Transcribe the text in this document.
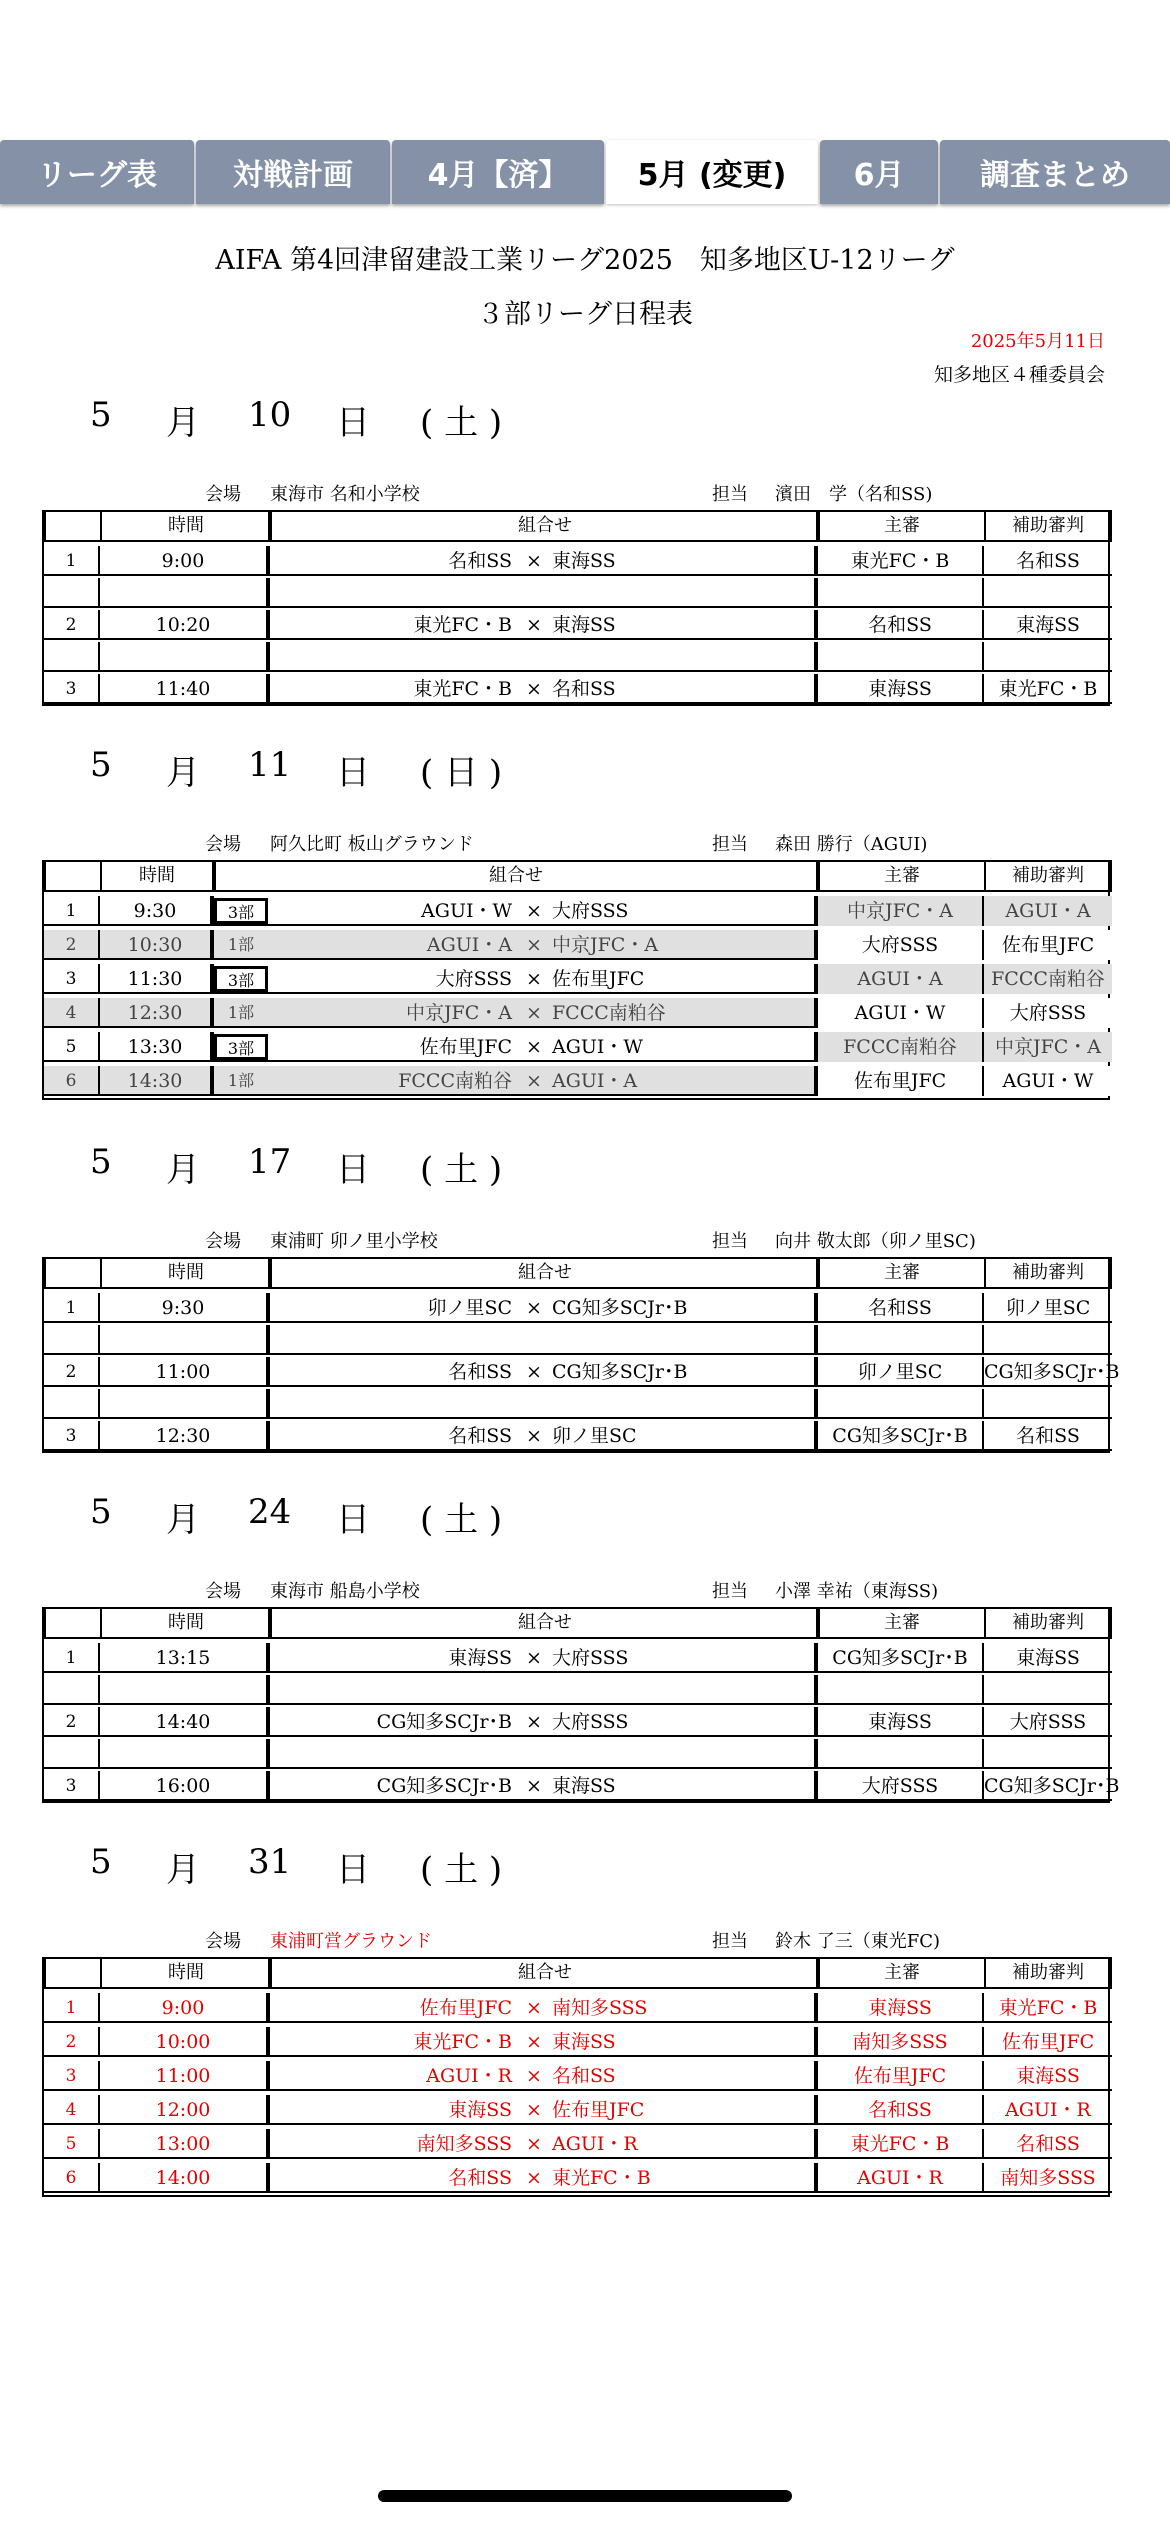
リーグ表	対戦計画	4月【済】	5月 (変更)	6月	調査まとめ
AIFA 第4回津留建設工業リーグ2025　知多地区U-12リーグ
３部リーグ日程表
2025年5月11日
知多地区４種委員会
5 月 10 日 ( 土 )
会場 東海市 名和小学校	担当 濱田　学（名和SS)
時間	組合せ	主審	補助審判
1	9:00	名和SS × 東海SS	東光FC・B	名和SS
2	10:20	東光FC・B × 東海SS	名和SS	東海SS
3	11:40	東光FC・B × 名和SS	東海SS	東光FC・B
5 月 11 日 ( 日 )
会場 阿久比町 板山グラウンド	担当 森田 勝行（AGUI)
時間	組合せ	主審	補助審判
1	9:30	3部	AGUI・W × 大府SSS	中京JFC・A	AGUI・A
2	10:30	1部	AGUI・A × 中京JFC・A	大府SSS	佐布里JFC
3	11:30	3部	大府SSS × 佐布里JFC	AGUI・A	FCCC南粕谷
4	12:30	1部	中京JFC・A × FCCC南粕谷	AGUI・W	大府SSS
5	13:30	3部	佐布里JFC × AGUI・W	FCCC南粕谷	中京JFC・A
6	14:30	1部	FCCC南粕谷 × AGUI・A	佐布里JFC	AGUI・W
5 月 17 日 ( 土 )
会場 東浦町 卯ノ里小学校	担当 向井 敬太郎（卯ノ里SC)
時間	組合せ	主審	補助審判
1	9:30	卯ノ里SC × CG知多SCJr･B	名和SS	卯ノ里SC
2	11:00	名和SS × CG知多SCJr･B	卯ノ里SC	CG知多SCJr･B
3	12:30	名和SS × 卯ノ里SC	CG知多SCJr･B	名和SS
5 月 24 日 ( 土 )
会場 東海市 船島小学校	担当 小澤 幸祐（東海SS)
時間	組合せ	主審	補助審判
1	13:15	東海SS × 大府SSS	CG知多SCJr･B	東海SS
2	14:40	CG知多SCJr･B × 大府SSS	東海SS	大府SSS
3	16:00	CG知多SCJr･B × 東海SS	大府SSS	CG知多SCJr･B
5 月 31 日 ( 土 )
会場 東浦町営グラウンド	担当 鈴木 了三（東光FC)
時間	組合せ	主審	補助審判
1	9:00	佐布里JFC × 南知多SSS	東海SS	東光FC・B
2	10:00	東光FC・B × 東海SS	南知多SSS	佐布里JFC
3	11:00	AGUI・R × 名和SS	佐布里JFC	東海SS
4	12:00	東海SS × 佐布里JFC	名和SS	AGUI・R
5	13:00	南知多SSS × AGUI・R	東光FC・B	名和SS
6	14:00	名和SS × 東光FC・B	AGUI・R	南知多SSS
